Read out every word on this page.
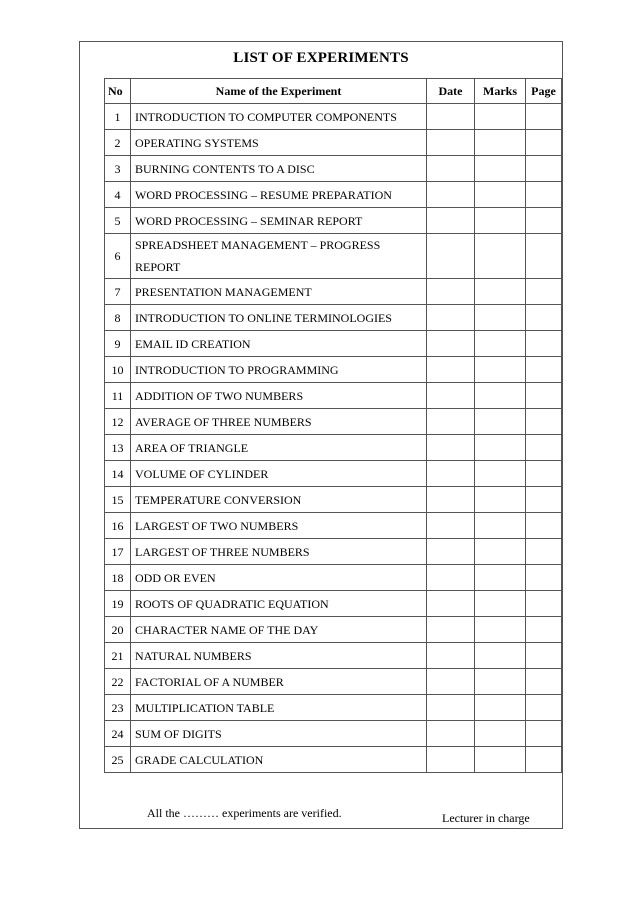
LIST OF EXPERIMENTS
No	Name of the Experiment	Date	Marks	Page
1	INTRODUCTION TO COMPUTER COMPONENTS			
2	OPERATING SYSTEMS			
3	BURNING CONTENTS TO A DISC			
4	WORD PROCESSING – RESUME PREPARATION			
5	WORD PROCESSING – SEMINAR REPORT			
6	SPREADSHEET MANAGEMENT – PROGRESS REPORT			
7	PRESENTATION MANAGEMENT			
8	INTRODUCTION TO ONLINE TERMINOLOGIES			
9	EMAIL ID CREATION			
10	INTRODUCTION TO PROGRAMMING			
11	ADDITION OF TWO NUMBERS			
12	AVERAGE OF THREE NUMBERS			
13	AREA OF TRIANGLE			
14	VOLUME OF CYLINDER			
15	TEMPERATURE CONVERSION			
16	LARGEST OF TWO NUMBERS			
17	LARGEST OF THREE NUMBERS			
18	ODD OR EVEN			
19	ROOTS OF QUADRATIC EQUATION			
20	CHARACTER NAME OF THE DAY			
21	NATURAL NUMBERS			
22	FACTORIAL OF A NUMBER			
23	MULTIPLICATION TABLE			
24	SUM OF DIGITS			
25	GRADE CALCULATION			
All the ……… experiments are verified.	Lecturer in charge
